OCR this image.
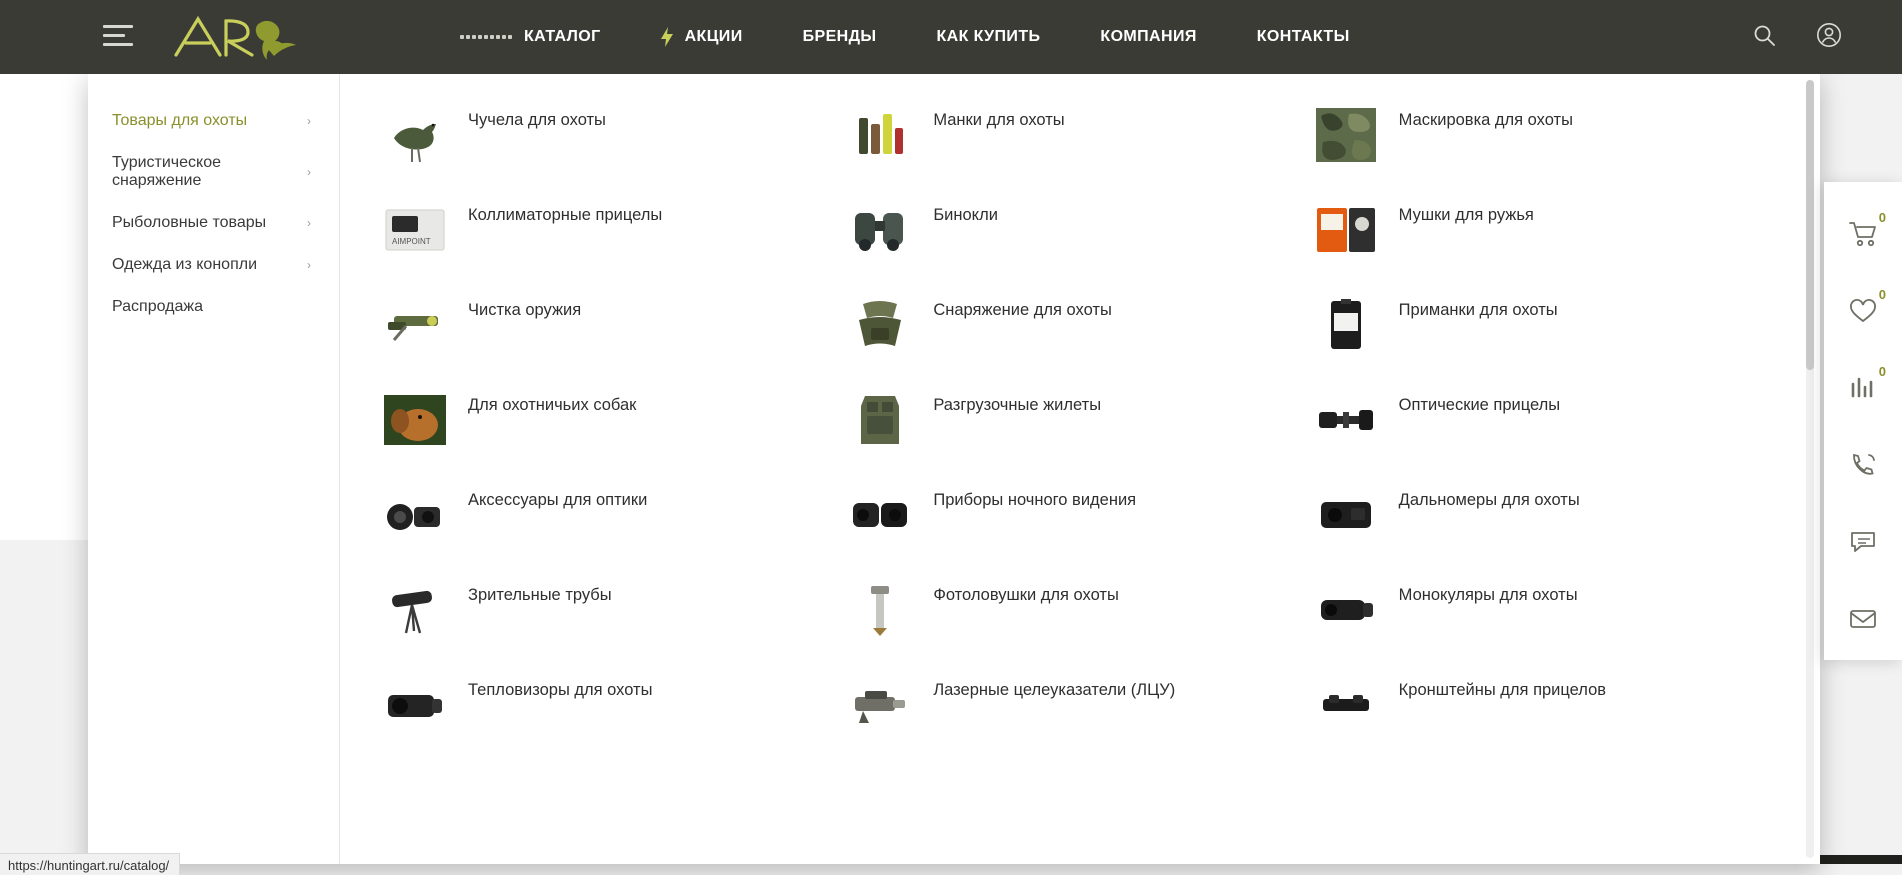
КАТАЛОГ	АКЦИИ	БРЕНДЫ	КАК КУПИТЬ	КОМПАНИЯ	КОНТАКТЫ
Товары для охоты	›
Туристическое снаряжение	›
Рыболовные товары	›
Одежда из конопли	›
Распродажа
Чучела для охоты	Манки для охоты	Маскировка для охоты
AIMPOINT
Коллиматорные прицелы	Бинокли	Мушки для ружья
Чистка оружия	Снаряжение для охоты	Приманки для охоты
Для охотничьих собак	Разгрузочные жилеты	Оптические прицелы
Аксессуары для оптики	Приборы ночного видения	Дальномеры для охоты
Зрительные трубы	Фотоловушки для охоты	Монокуляры для охоты
Тепловизоры для охоты	Лазерные целеуказатели (ЛЦУ)	Кронштейны для прицелов
0
0
0
https://huntingart.ru/catalog/
